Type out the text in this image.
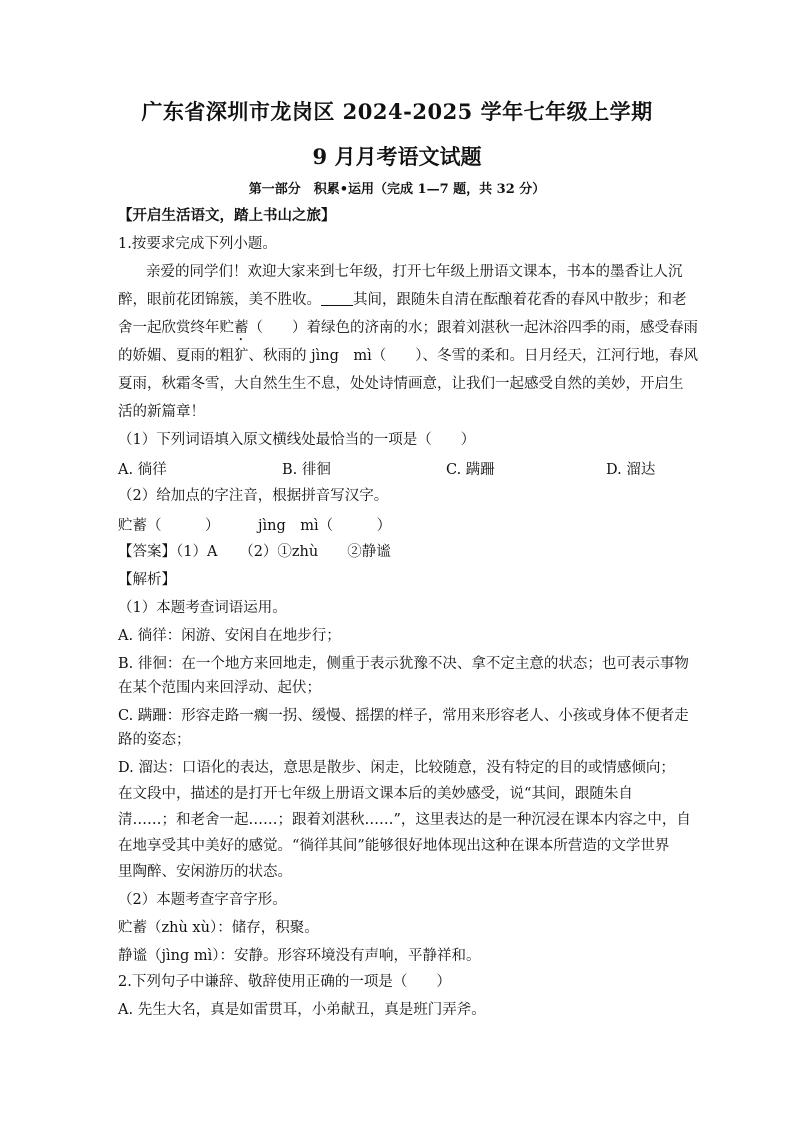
广东省深圳市龙岗区 2024-2025 学年七年级上学期
9 月月考语文试题
第一部分　积累•运用（完成 1—7 题，共 32 分）
【开启生活语文，踏上书山之旅】
1.按要求完成下列小题。
亲爱的同学们！欢迎大家来到七年级，打开七年级上册语文课本，书本的墨香让人沉
醉，眼前花团锦簇，美不胜收。 其间，跟随朱自清在酝酿着花香的春风中散步；和老
舍一起欣赏终年贮蓄（　　）着绿色的济南的水；跟着刘湛秋一起沐浴四季的雨，感受春雨
的娇媚、夏雨的粗犷、秋雨的 jìng　mì（　　）、冬雪的柔和。日月经天，江河行地，春风
夏雨，秋霜冬雪，大自然生生不息，处处诗情画意，让我们一起感受自然的美妙，开启生
活的新篇章！
（1）下列词语填入原文横线处最恰当的一项是（　　）
A. 徜徉	B. 徘徊	C. 蹒跚	D. 溜达
（2）给加点的字注音，根据拼音写汉字。
贮蓄（　　　）	jìng　mì（　　　）
【答案】（1）A　　（2）①zhù　　②静谧
【解析】
（1）本题考查词语运用。
A. 徜徉：闲游、安闲自在地步行；
B. 徘徊：在一个地方来回地走，侧重于表示犹豫不决、拿不定主意的状态；也可表示事物
在某个范围内来回浮动、起伏；
C. 蹒跚：形容走路一瘸一拐、缓慢、摇摆的样子，常用来形容老人、小孩或身体不便者走
路的姿态；
D. 溜达：口语化的表达，意思是散步、闲走，比较随意，没有特定的目的或情感倾向；
在文段中，描述的是打开七年级上册语文课本后的美妙感受，说“其间，跟随朱自
清……；和老舍一起……；跟着刘湛秋……”，这里表达的是一种沉浸在课本内容之中，自
在地享受其中美好的感觉。“徜徉其间”能够很好地体现出这种在课本所营造的文学世界
里陶醉、安闲游历的状态。
（2）本题考查字音字形。
贮蓄（zhù xù）：储存，积聚。
静谧（jìng mì）：安静。形容环境没有声响，平静祥和。
2.下列句子中谦辞、敬辞使用正确的一项是（　　）
A. 先生大名，真是如雷贯耳，小弟献丑，真是班门弄斧。
